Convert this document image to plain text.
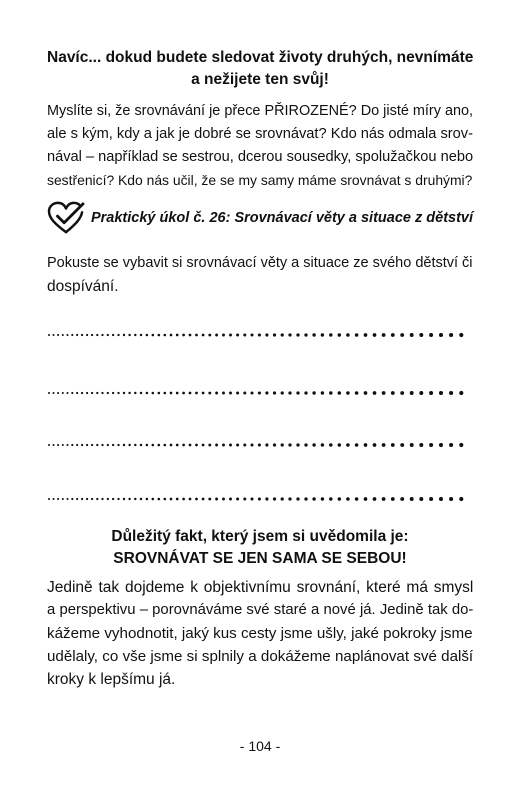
Navíc... dokud budete sledovat životy druhých, nevnímáte
a nežijete ten svůj!
Myslíte si, že srovnávání je přece PŘIROZENÉ? Do jisté míry ano,
ale s kým, kdy a jak je dobré se srovnávat? Kdo nás odmala srov-
nával – například se sestrou, dcerou sousedky, spolužačkou nebo
sestřenicí? Kdo nás učil, že se my samy máme srovnávat s druhými?
Praktický úkol č. 26: Srovnávací věty a situace z dětství
Pokuste se vybavit si srovnávací věty a situace ze svého dětství či
dospívání.
Důležitý fakt, který jsem si uvědomila je:
SROVNÁVAT SE JEN SAMA SE SEBOU!
Jedině tak dojdeme k objektivnímu srovnání, které má smysl
a perspektivu – porovnáváme své staré a nové já. Jedině tak do-
kážeme vyhodnotit, jaký kus cesty jsme ušly, jaké pokroky jsme
udělaly, co vše jsme si splnily a dokážeme naplánovat své další
kroky k lepšímu já.
- 104 -
